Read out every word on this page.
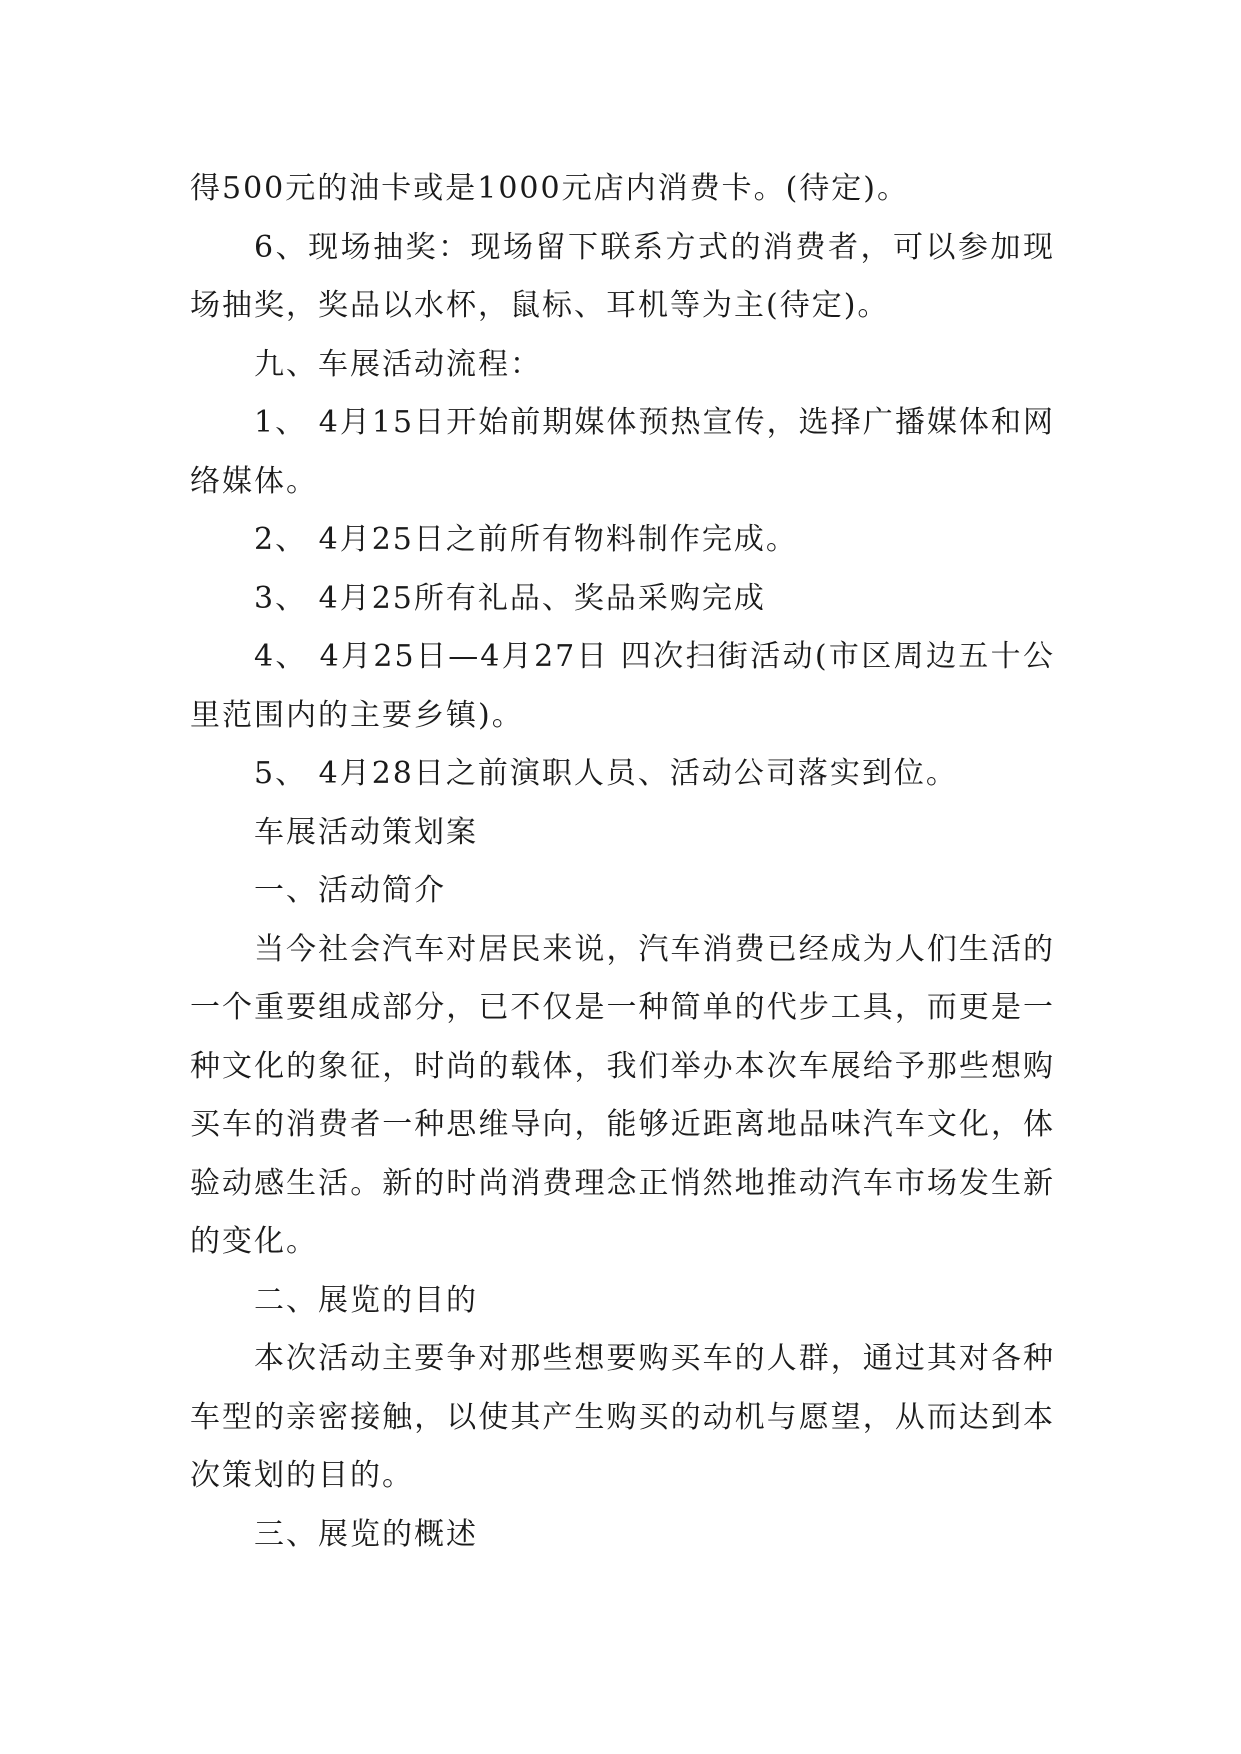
得500元的油卡或是1000元店内消费卡。(待定)。

6、现场抽奖：现场留下联系方式的消费者，可以参加现场抽奖，奖品以水杯，鼠标、耳机等为主(待定)。

九、车展活动流程：

1、 4月15日开始前期媒体预热宣传，选择广播媒体和网络媒体。

2、 4月25日之前所有物料制作完成。

3、 4月25所有礼品、奖品采购完成

4、 4月25日—4月27日 四次扫街活动(市区周边五十公里范围内的主要乡镇)。

5、 4月28日之前演职人员、活动公司落实到位。

车展活动策划案

一、活动简介

当今社会汽车对居民来说，汽车消费已经成为人们生活的一个重要组成部分，已不仅是一种简单的代步工具，而更是一种文化的象征，时尚的载体，我们举办本次车展给予那些想购买车的消费者一种思维导向，能够近距离地品味汽车文化，体验动感生活。新的时尚消费理念正悄然地推动汽车市场发生新的变化。

二、展览的目的

本次活动主要争对那些想要购买车的人群，通过其对各种车型的亲密接触，以使其产生购买的动机与愿望，从而达到本次策划的目的。

三、展览的概述
